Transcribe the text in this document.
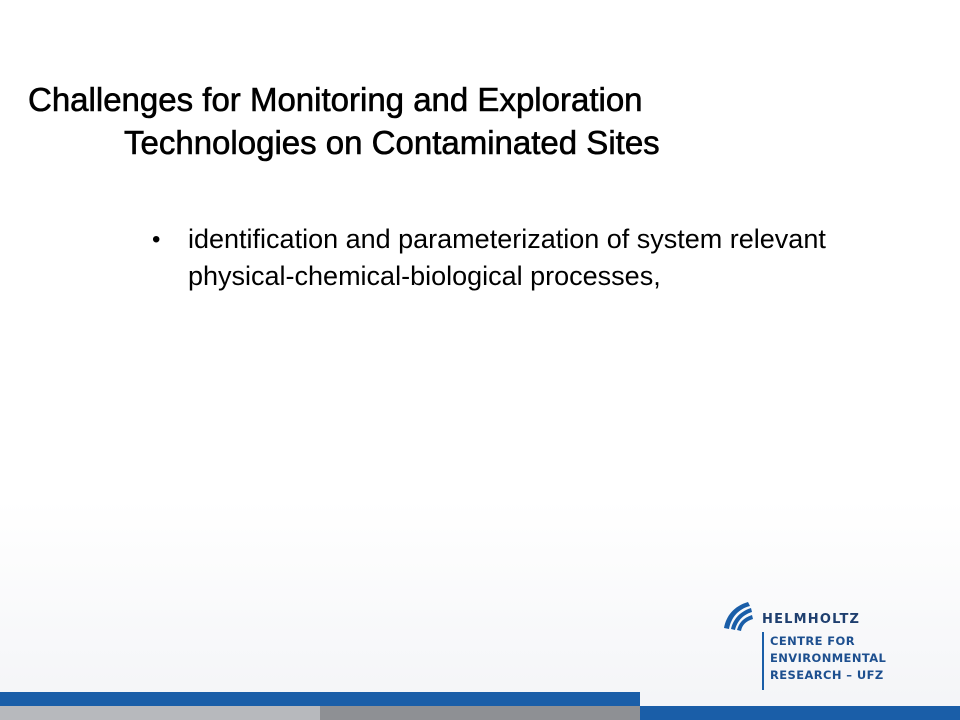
Challenges for Monitoring and Exploration
Technologies on Contaminated Sites
• identification and parameterization of system relevant
physical-chemical-biological processes,
HELMHOLTZ
CENTRE FOR
ENVIRONMENTAL
RESEARCH – UFZ
